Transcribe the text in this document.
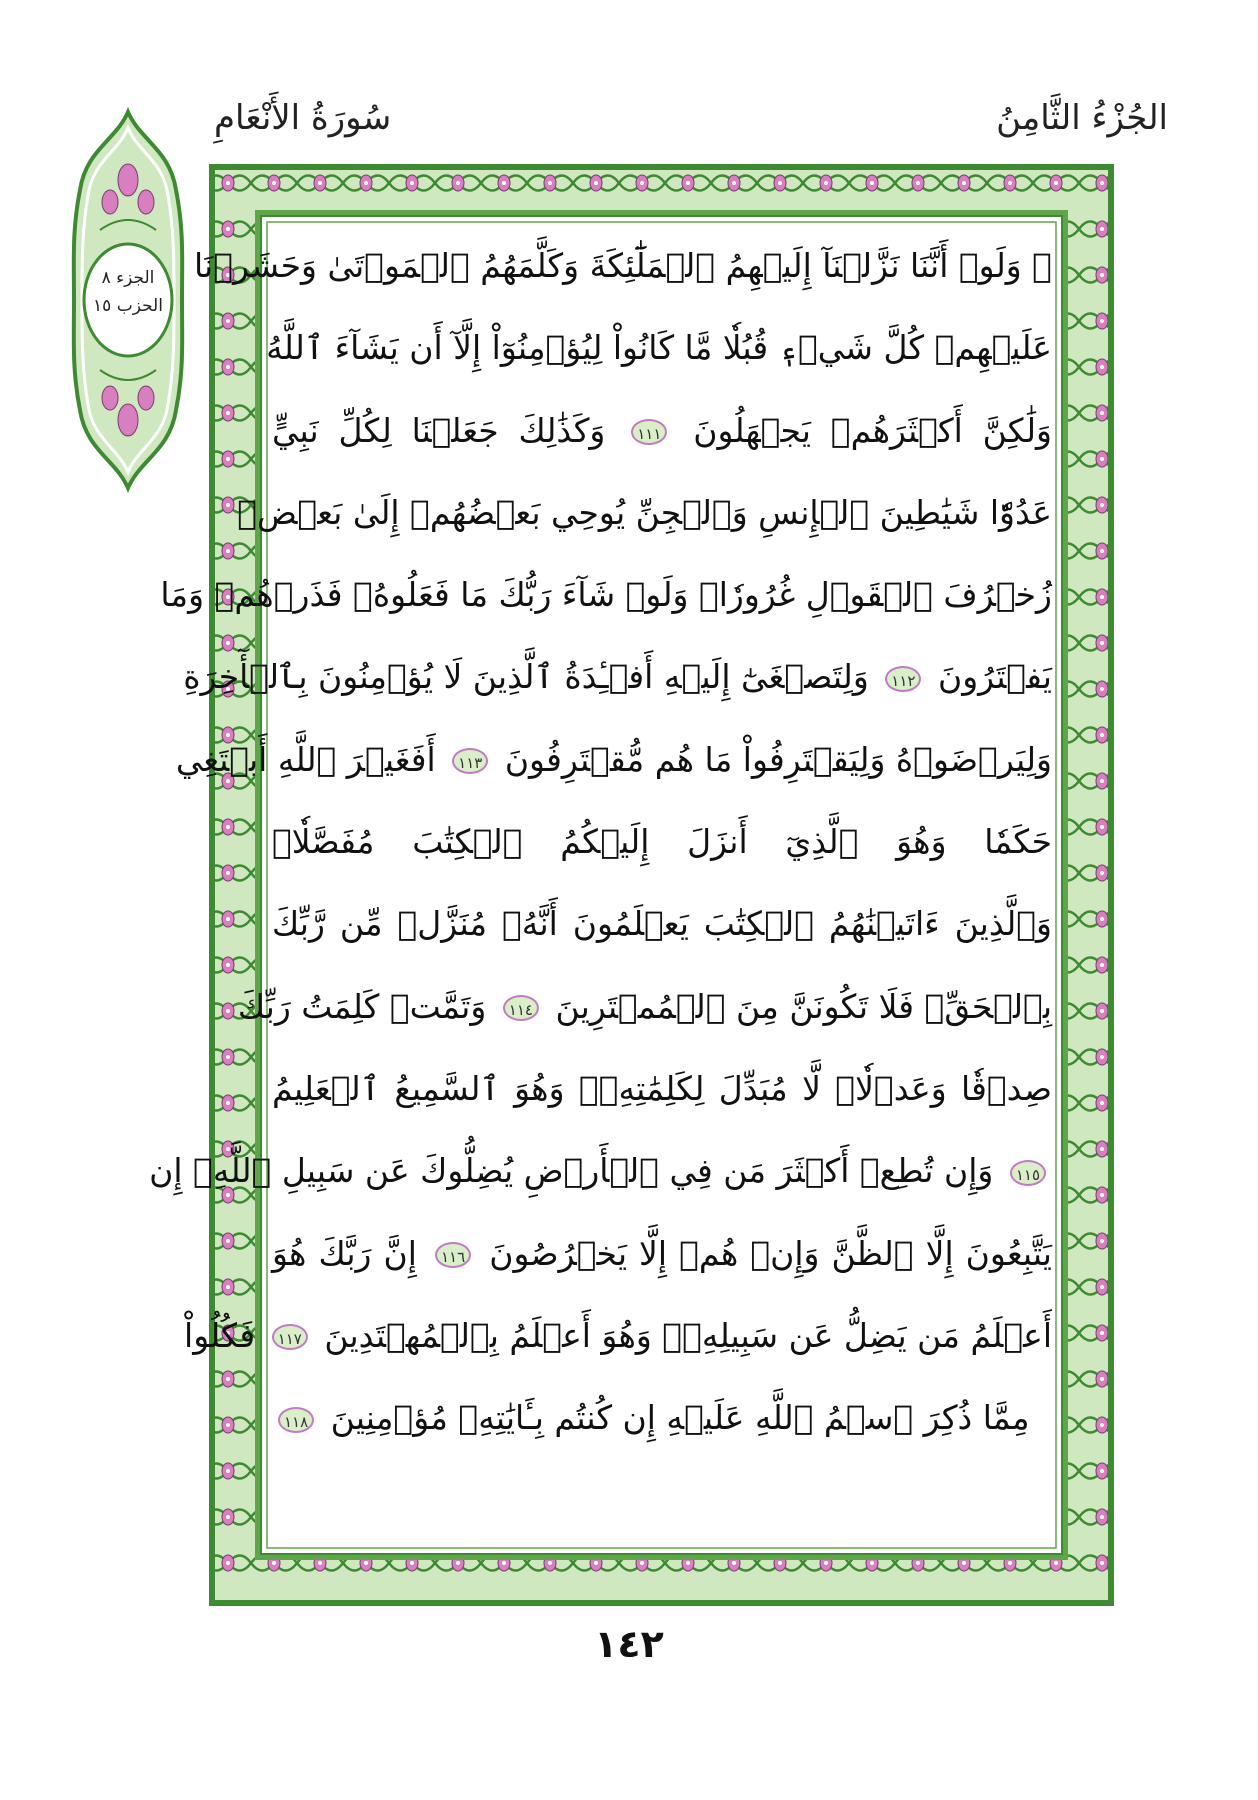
سُورَةُ الأَنْعَامِ	الجُزْءُ الثَّامِنُ
الجزء ٨
الحزب ١٥
۞ وَلَوۡ أَنَّنَا نَزَّلۡنَآ إِلَيۡهِمُ ٱلۡمَلَٰٓئِكَةَ وَكَلَّمَهُمُ ٱلۡمَوۡتَىٰ وَحَشَرۡنَا
عَلَيۡهِمۡ كُلَّ شَيۡءٖ قُبُلٗا مَّا كَانُواْ لِيُؤۡمِنُوٓاْ إِلَّآ أَن يَشَآءَ ٱللَّهُ
وَلَٰكِنَّ أَكۡثَرَهُمۡ يَجۡهَلُونَ ١١١ وَكَذَٰلِكَ جَعَلۡنَا لِكُلِّ نَبِيٍّ
عَدُوّٗا شَيَٰطِينَ ٱلۡإِنسِ وَٱلۡجِنِّ يُوحِي بَعۡضُهُمۡ إِلَىٰ بَعۡضٖ
زُخۡرُفَ ٱلۡقَوۡلِ غُرُورٗاۚ وَلَوۡ شَآءَ رَبُّكَ مَا فَعَلُوهُۖ فَذَرۡهُمۡ وَمَا
يَفۡتَرُونَ ١١٢ وَلِتَصۡغَىٰٓ إِلَيۡهِ أَفۡـِٔدَةُ ٱلَّذِينَ لَا يُؤۡمِنُونَ بِٱلۡأٓخِرَةِ
وَلِيَرۡضَوۡهُ وَلِيَقۡتَرِفُواْ مَا هُم مُّقۡتَرِفُونَ ١١٣ أَفَغَيۡرَ ٱللَّهِ أَبۡتَغِي
حَكَمٗا وَهُوَ ٱلَّذِيٓ أَنزَلَ إِلَيۡكُمُ ٱلۡكِتَٰبَ مُفَصَّلٗاۚ
وَٱلَّذِينَ ءَاتَيۡنَٰهُمُ ٱلۡكِتَٰبَ يَعۡلَمُونَ أَنَّهُۥ مُنَزَّلٞ مِّن رَّبِّكَ
بِٱلۡحَقِّۖ فَلَا تَكُونَنَّ مِنَ ٱلۡمُمۡتَرِينَ ١١٤ وَتَمَّتۡ كَلِمَتُ رَبِّكَ
صِدۡقٗا وَعَدۡلٗاۚ لَّا مُبَدِّلَ لِكَلِمَٰتِهِۦۚ وَهُوَ ٱلسَّمِيعُ ٱلۡعَلِيمُ
١١٥ وَإِن تُطِعۡ أَكۡثَرَ مَن فِي ٱلۡأَرۡضِ يُضِلُّوكَ عَن سَبِيلِ ٱللَّهِۚ إِن
يَتَّبِعُونَ إِلَّا ٱلظَّنَّ وَإِنۡ هُمۡ إِلَّا يَخۡرُصُونَ ١١٦ إِنَّ رَبَّكَ هُوَ
أَعۡلَمُ مَن يَضِلُّ عَن سَبِيلِهِۦۖ وَهُوَ أَعۡلَمُ بِٱلۡمُهۡتَدِينَ ١١٧ فَكُلُواْ
مِمَّا ذُكِرَ ٱسۡمُ ٱللَّهِ عَلَيۡهِ إِن كُنتُم بِـَٔايَٰتِهِۦ مُؤۡمِنِينَ ١١٨
١٤٢
